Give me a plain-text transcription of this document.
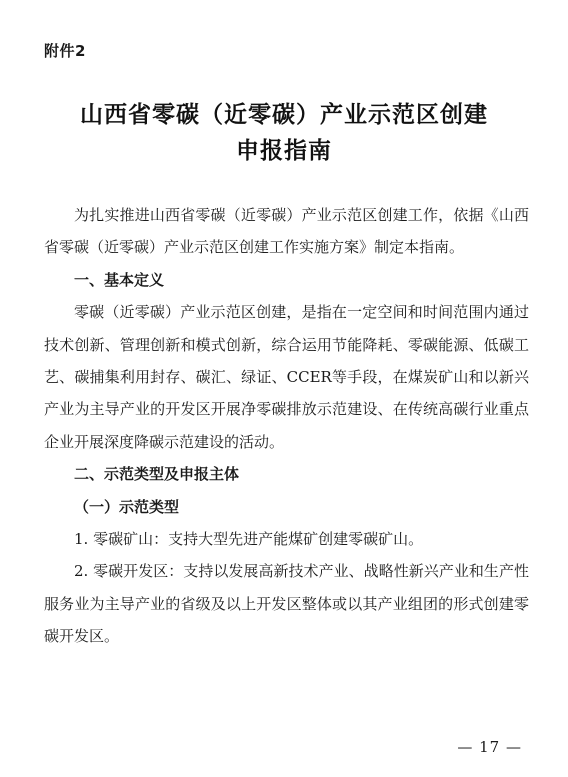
附件2
山西省零碳（近零碳）产业示范区创建
申报指南

为扎实推进山西省零碳（近零碳）产业示范区创建工作，依据《山西省零碳（近零碳）产业示范区创建工作实施方案》制定本指南。

一、基本定义

零碳（近零碳）产业示范区创建，是指在一定空间和时间范围内通过技术创新、管理创新和模式创新，综合运用节能降耗、零碳能源、低碳工艺、碳捕集利用封存、碳汇、绿证、CCER等手段，在煤炭矿山和以新兴产业为主导产业的开发区开展净零碳排放示范建设、在传统高碳行业重点企业开展深度降碳示范建设的活动。

二、示范类型及申报主体

（一）示范类型

1. 零碳矿山：支持大型先进产能煤矿创建零碳矿山。

2. 零碳开发区：支持以发展高新技术产业、战略性新兴产业和生产性服务业为主导产业的省级及以上开发区整体或以其产业组团的形式创建零碳开发区。

— 17 —
